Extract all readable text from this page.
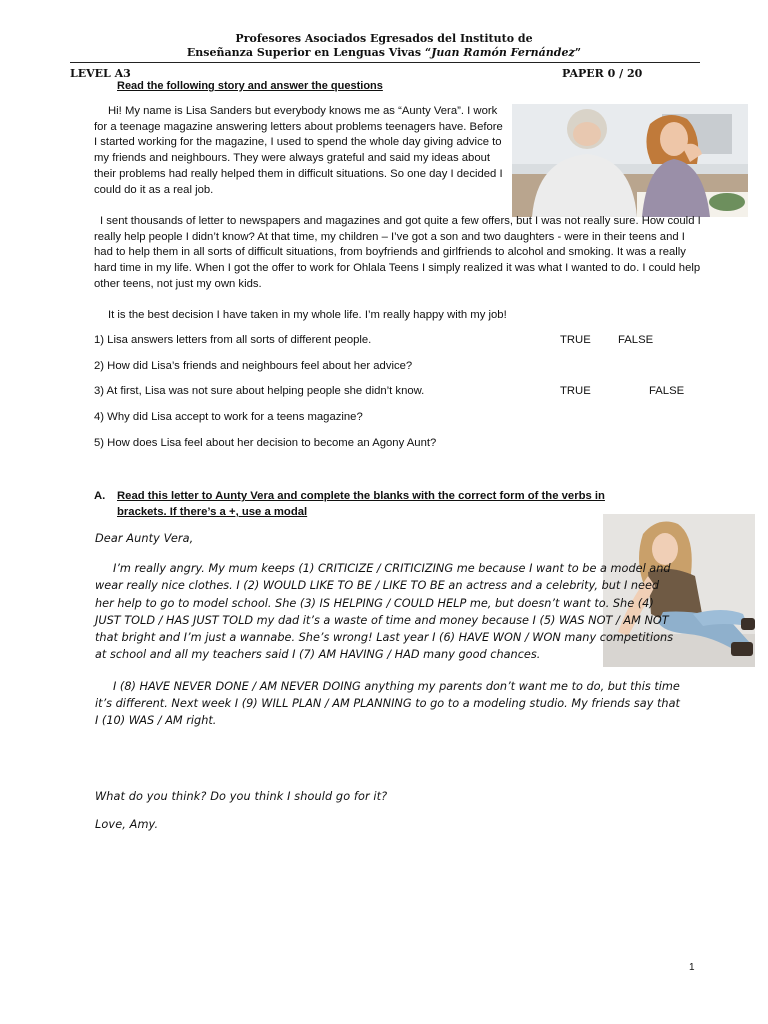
Profesores Asociados Egresados del Instituto de
Enseñanza Superior en Lenguas Vivas “Juan Ramón Fernández”
LEVEL A3	PAPER 0 / 20
Read the following story and answer the questions
Hi! My name is Lisa Sanders but everybody knows me as “Aunty Vera”. I work for a teenage magazine answering letters about problems teenagers have. Before I started working for the magazine, I used to spend the whole day giving advice to my friends and neighbours. They were always grateful and said my ideas about their problems had really helped them in difficult situations. So one day I decided I could do it as a real job.
I sent thousands of letter to newspapers and magazines and got quite a few offers, but I was not really sure. How could I really help people I didn’t know? At that time, my children – I’ve got a son and two daughters - were in their teens and I had to help them in all sorts of difficult situations, from boyfriends and girlfriends to alcohol and smoking. It was a really hard time in my life. When I got the offer to work for Ohlala Teens I simply realized it was what I wanted to do. I could help other teens, not just my own kids.
It is the best decision I have taken in my whole life. I’m really happy with my job!
1) Lisa answers letters from all sorts of different people.	TRUE FALSE
2) How did Lisa’s friends and neighbours feel about her advice?
3) At first, Lisa was not sure about helping people she didn’t know.	TRUE	FALSE
4) Why did Lisa accept to work for a teens magazine?
5) How does Lisa feel about her decision to become an Agony Aunt?
A. Read this letter to Aunty Vera and complete the blanks with the correct form of the verbs in brackets. If there’s a +, use a modal
Dear Aunty Vera,

I’m really angry. My mum keeps (1) CRITICIZE / CRITICIZING me because I want to be a model and wear really nice clothes. I (2) WOULD LIKE TO BE / LIKE TO BE an actress and a celebrity, but I need her help to go to model school. She (3) IS HELPING / COULD HELP me, but doesn’t want to. She (4) JUST TOLD / HAS JUST TOLD my dad it’s a waste of time and money because I (5) WAS NOT / AM NOT that bright and I’m just a wannabe. She’s wrong! Last year I (6) HAVE WON / WON many competitions at school and all my teachers said I (7) AM HAVING / HAD many good chances.

I (8) HAVE NEVER DONE / AM NEVER DOING anything my parents don’t want me to do, but this time it’s different. Next week I (9) WILL PLAN / AM PLANNING to go to a modeling studio. My friends say that I (10) WAS / AM right.

What do you think? Do you think I should go for it?
Love, Amy.
1
